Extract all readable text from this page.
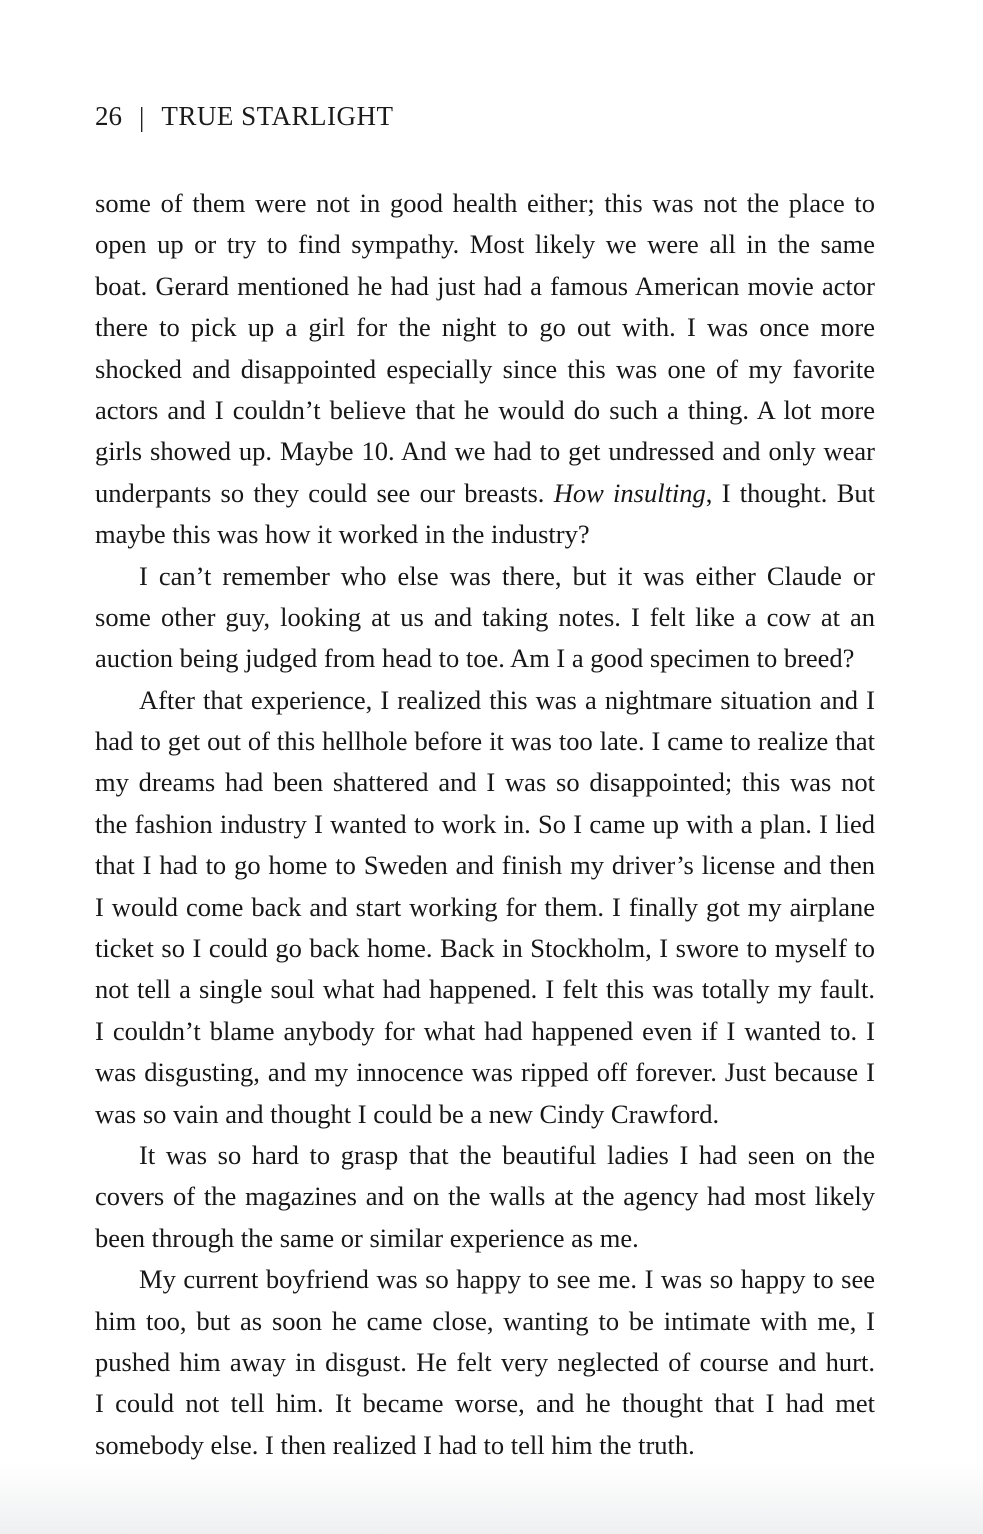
26 | TRUE STARLIGHT
some of them were not in good health either; this was not the place to
open up or try to find sympathy. Most likely we were all in the same
boat. Gerard mentioned he had just had a famous American movie actor
there to pick up a girl for the night to go out with. I was once more
shocked and disappointed especially since this was one of my favorite
actors and I couldn’t believe that he would do such a thing. A lot more
girls showed up. Maybe 10. And we had to get undressed and only wear
underpants so they could see our breasts. How insulting, I thought. But
maybe this was how it worked in the industry?
I can’t remember who else was there, but it was either Claude or
some other guy, looking at us and taking notes. I felt like a cow at an
auction being judged from head to toe. Am I a good specimen to breed?
After that experience, I realized this was a nightmare situation and I
had to get out of this hellhole before it was too late. I came to realize that
my dreams had been shattered and I was so disappointed; this was not
the fashion industry I wanted to work in. So I came up with a plan. I lied
that I had to go home to Sweden and finish my driver’s license and then
I would come back and start working for them. I finally got my airplane
ticket so I could go back home. Back in Stockholm, I swore to myself to
not tell a single soul what had happened. I felt this was totally my fault.
I couldn’t blame anybody for what had happened even if I wanted to. I
was disgusting, and my innocence was ripped off forever. Just because I
was so vain and thought I could be a new Cindy Crawford.
It was so hard to grasp that the beautiful ladies I had seen on the
covers of the magazines and on the walls at the agency had most likely
been through the same or similar experience as me.
My current boyfriend was so happy to see me. I was so happy to see
him too, but as soon he came close, wanting to be intimate with me, I
pushed him away in disgust. He felt very neglected of course and hurt.
I could not tell him. It became worse, and he thought that I had met
somebody else. I then realized I had to tell him the truth.
